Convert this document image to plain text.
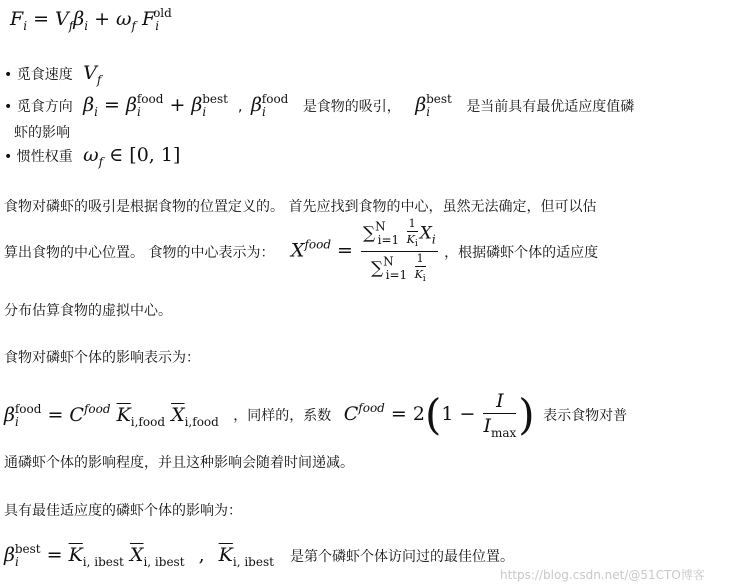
$F_i = V_f\beta_i + \omega_f$ $F_i^{old}$
• 觅食速度 Vf
• 觅食方向 $\beta_i = \beta_i^{food} + \beta_i^{best}$ , $\beta_i^{food}$ 是食物的吸引， $\beta_i^{best}$ 是当前具有最优适应度值磷
虾的影响
• 惯性权重 $\omega_f$ ∈ [0, 1]
食物对磷虾的吸引是根据食物的位置定义的。 首先应找到食物的中心，虽然无法确定，但可以估
算出食物的中心位置。 食物的中心表示为： $X^{food} = \frac{\sum^N_{i=1} \frac{1}{K_i} X_i}{\sum^N_{i=1} \frac{1}{K_i}}$ ，根据磷虾个体的适应度
分布估算食物的虚拟中心。
食物对磷虾个体的影响表示为：
$\beta_i^{food} = C^{food}$ $\overline{K}_{i,food}$ $\overline{X}_{i,food}$ ，同样的，系数 $C^{food} = 2(1 - \frac{I}{I_{max}}$ ) 表示食物对普
通磷虾个体的影响程度，并且这种影响会随着时间递减。
具有最佳适应度的磷虾个体的影响为：
$\beta_i^{best} = \overline{K}_{i, ibest}$ $\overline{X}_{i, ibest}$ , $\overline{K}_{i, ibest}$ 是第个磷虾个体访问过的最佳位置。
https://blog.csdn.net/@51CTO博客
